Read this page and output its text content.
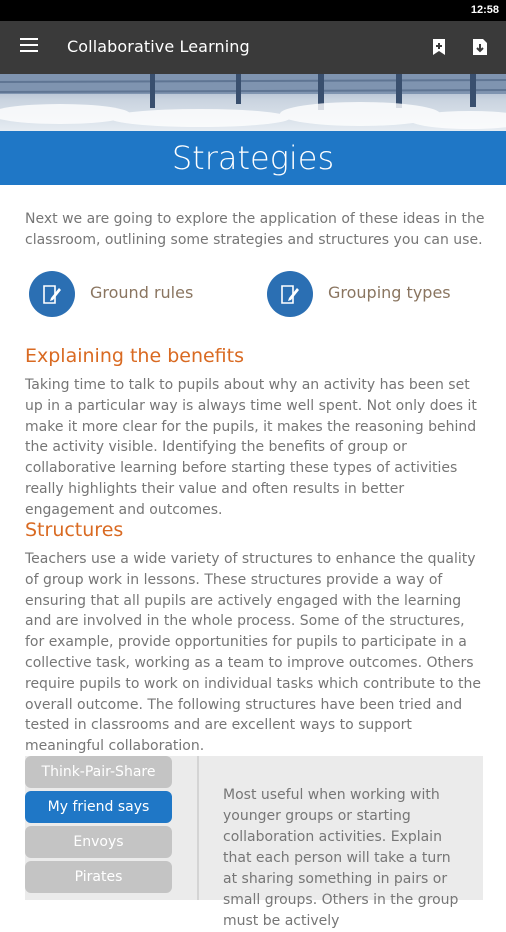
12:58
Collaborative Learning
Strategies

Next we are going to explore the application of these ideas in the classroom, outlining some strategies and structures you can use.

Ground rules	Grouping types
Explaining the benefits

Taking time to talk to pupils about why an activity has been set up in a particular way is always time well spent. Not only does it make it more clear for the pupils, it makes the reasoning behind the activity visible. Identifying the benefits of group or collaborative learning before starting these types of activities really highlights their value and often results in better engagement and outcomes.

Structures

Teachers use a wide variety of structures to enhance the quality of group work in lessons. These structures provide a way of ensuring that all pupils are actively engaged with the learning and are involved in the whole process. Some of the structures, for example, provide opportunities for pupils to participate in a collective task, working as a team to improve outcomes. Others require pupils to work on individual tasks which contribute to the overall outcome. The following structures have been tried and tested in classrooms and are excellent ways to support meaningful collaboration.

Think-Pair-Share
My friend says
Envoys
Pirates
Most useful when working with younger groups or starting collaboration activities. Explain that each person will take a turn at sharing something in pairs or small groups. Others in the group must be actively
